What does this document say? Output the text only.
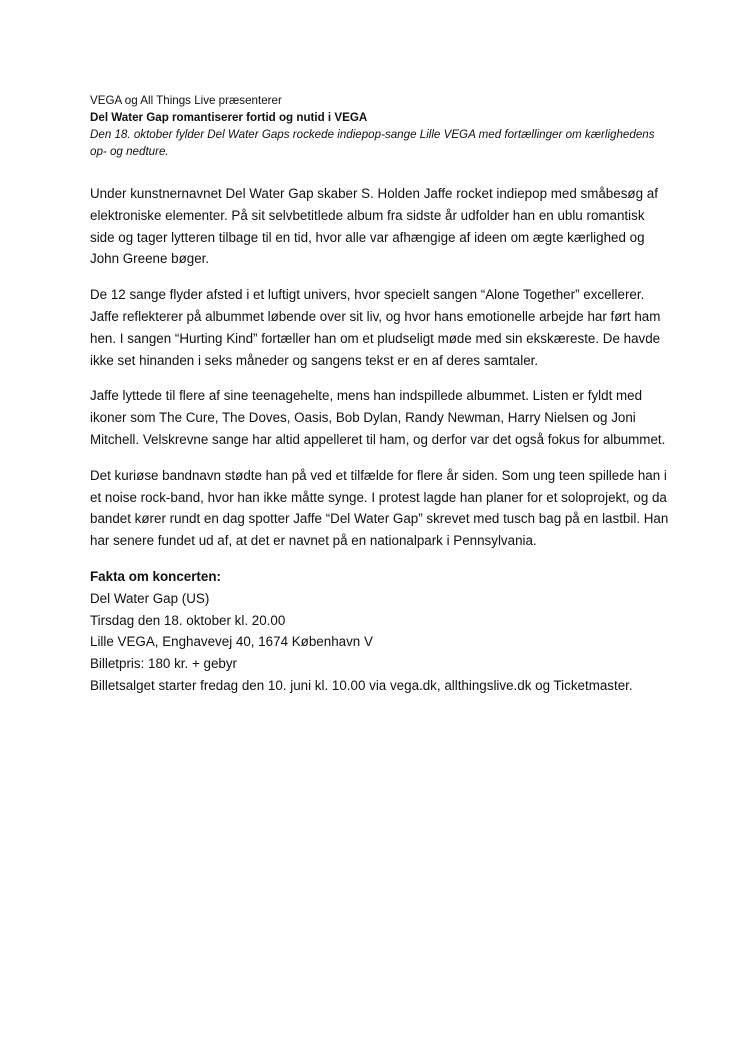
VEGA og All Things Live præsenterer
Del Water Gap romantiserer fortid og nutid i VEGA
Den 18. oktober fylder Del Water Gaps rockede indiepop-sange Lille VEGA med fortællinger om kærlighedens op- og nedture.

Under kunstnernavnet Del Water Gap skaber S. Holden Jaffe rocket indiepop med småbesøg af elektroniske elementer. På sit selvbetitlede album fra sidste år udfolder han en ublu romantisk side og tager lytteren tilbage til en tid, hvor alle var afhængige af ideen om ægte kærlighed og John Greene bøger.

De 12 sange flyder afsted i et luftigt univers, hvor specielt sangen “Alone Together” excellerer. Jaffe reflekterer på albummet løbende over sit liv, og hvor hans emotionelle arbejde har ført ham hen. I sangen “Hurting Kind” fortæller han om et pludseligt møde med sin ekskæreste. De havde ikke set hinanden i seks måneder og sangens tekst er en af deres samtaler.

Jaffe lyttede til flere af sine teenagehelte, mens han indspillede albummet. Listen er fyldt med ikoner som The Cure, The Doves, Oasis, Bob Dylan, Randy Newman, Harry Nielsen og Joni Mitchell. Velskrevne sange har altid appelleret til ham, og derfor var det også fokus for albummet.

Det kuriøse bandnavn stødte han på ved et tilfælde for flere år siden. Som ung teen spillede han i et noise rock-band, hvor han ikke måtte synge. I protest lagde han planer for et soloprojekt, og da bandet kører rundt en dag spotter Jaffe “Del Water Gap” skrevet med tusch bag på en lastbil. Han har senere fundet ud af, at det er navnet på en nationalpark i Pennsylvania.

Fakta om koncerten:
Del Water Gap (US)
Tirsdag den 18. oktober kl. 20.00
Lille VEGA, Enghavevej 40, 1674 København V
Billetpris: 180 kr. + gebyr
Billetsalget starter fredag den 10. juni kl. 10.00 via vega.dk, allthingslive.dk og Ticketmaster.
